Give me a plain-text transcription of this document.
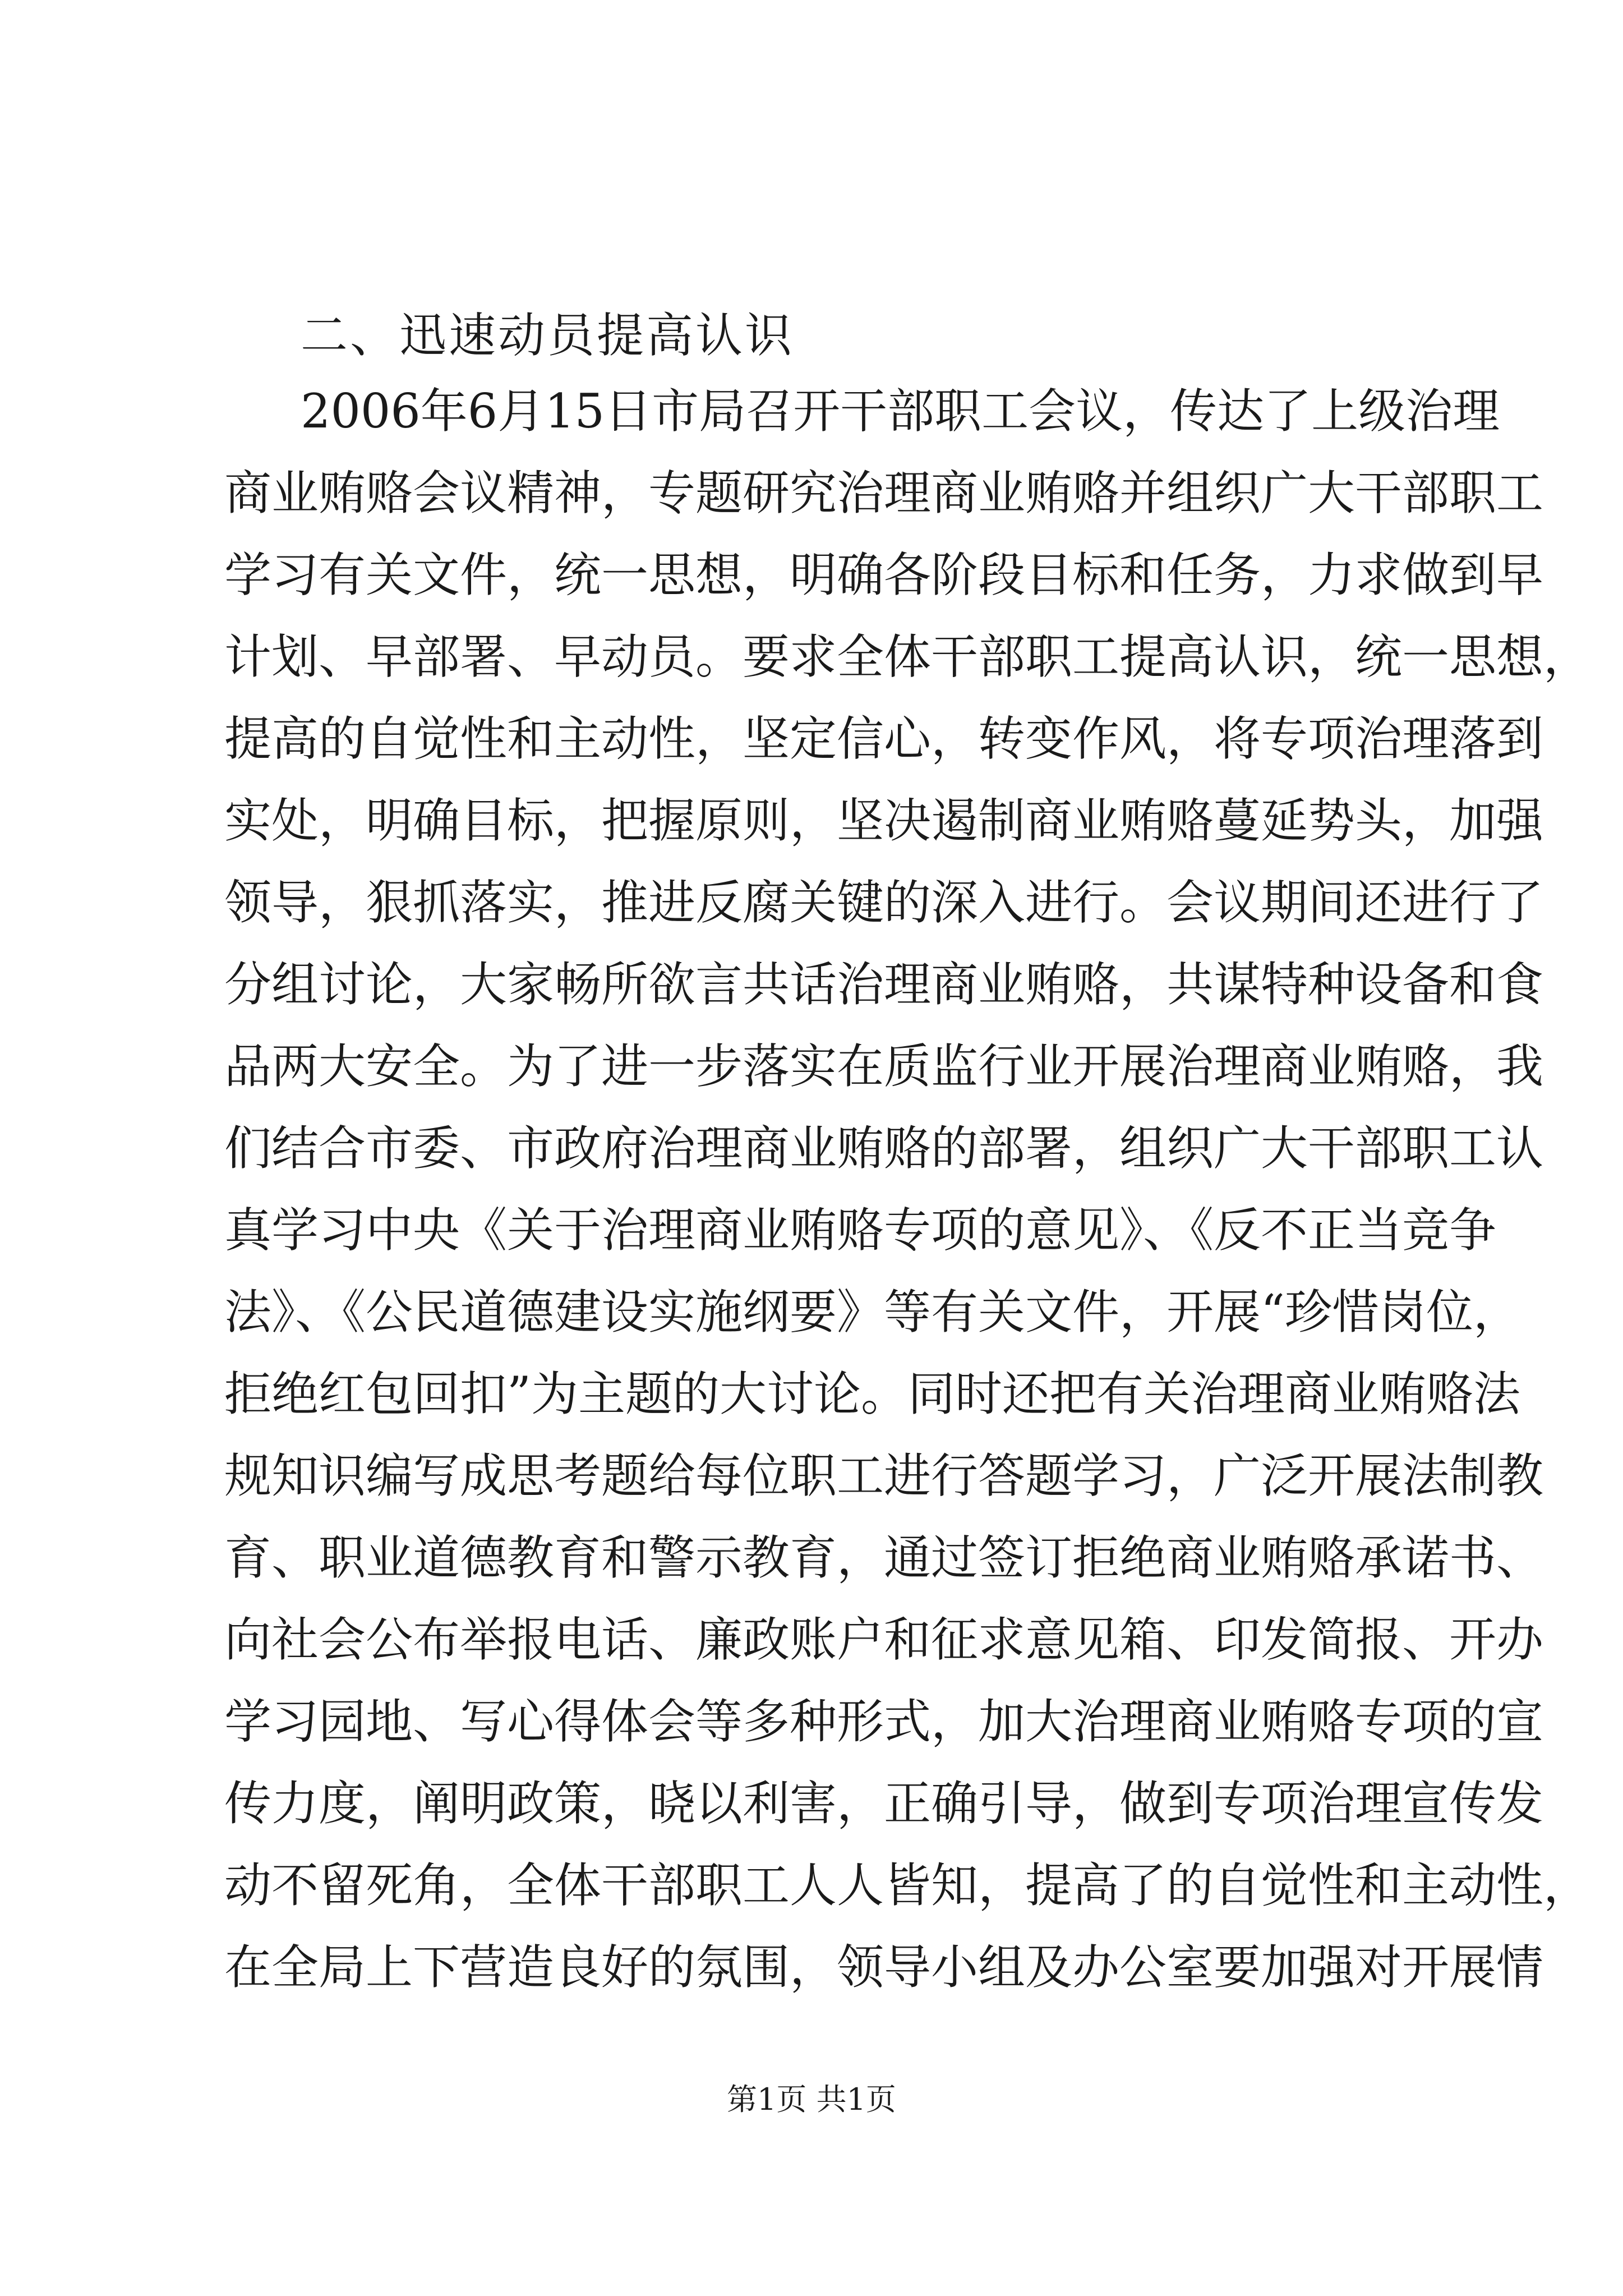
二、迅速动员提高认识
2006年6月15日市局召开干部职工会议，传达了上级治理
商业贿赂会议精神，专题研究治理商业贿赂并组织广大干部职工
学习有关文件，统一思想，明确各阶段目标和任务，力求做到早
计划、早部署、早动员。要求全体干部职工提高认识，统一思想，
提高的自觉性和主动性，坚定信心，转变作风，将专项治理落到
实处，明确目标，把握原则，坚决遏制商业贿赂蔓延势头，加强
领导，狠抓落实，推进反腐关键的深入进行。会议期间还进行了
分组讨论，大家畅所欲言共话治理商业贿赂，共谋特种设备和食
品两大安全。为了进一步落实在质监行业开展治理商业贿赂，我
们结合市委、市政府治理商业贿赂的部署，组织广大干部职工认
真学习中央《关于治理商业贿赂专项的意见》、《反不正当竞争
法》、《公民道德建设实施纲要》等有关文件，开展“珍惜岗位，
拒绝红包回扣”为主题的大讨论。同时还把有关治理商业贿赂法
规知识编写成思考题给每位职工进行答题学习，广泛开展法制教
育、职业道德教育和警示教育，通过签订拒绝商业贿赂承诺书、
向社会公布举报电话、廉政账户和征求意见箱、印发简报、开办
学习园地、写心得体会等多种形式，加大治理商业贿赂专项的宣
传力度，阐明政策，晓以利害，正确引导，做到专项治理宣传发
动不留死角，全体干部职工人人皆知，提高了的自觉性和主动性，
在全局上下营造良好的氛围，领导小组及办公室要加强对开展情

第1页 共1页
